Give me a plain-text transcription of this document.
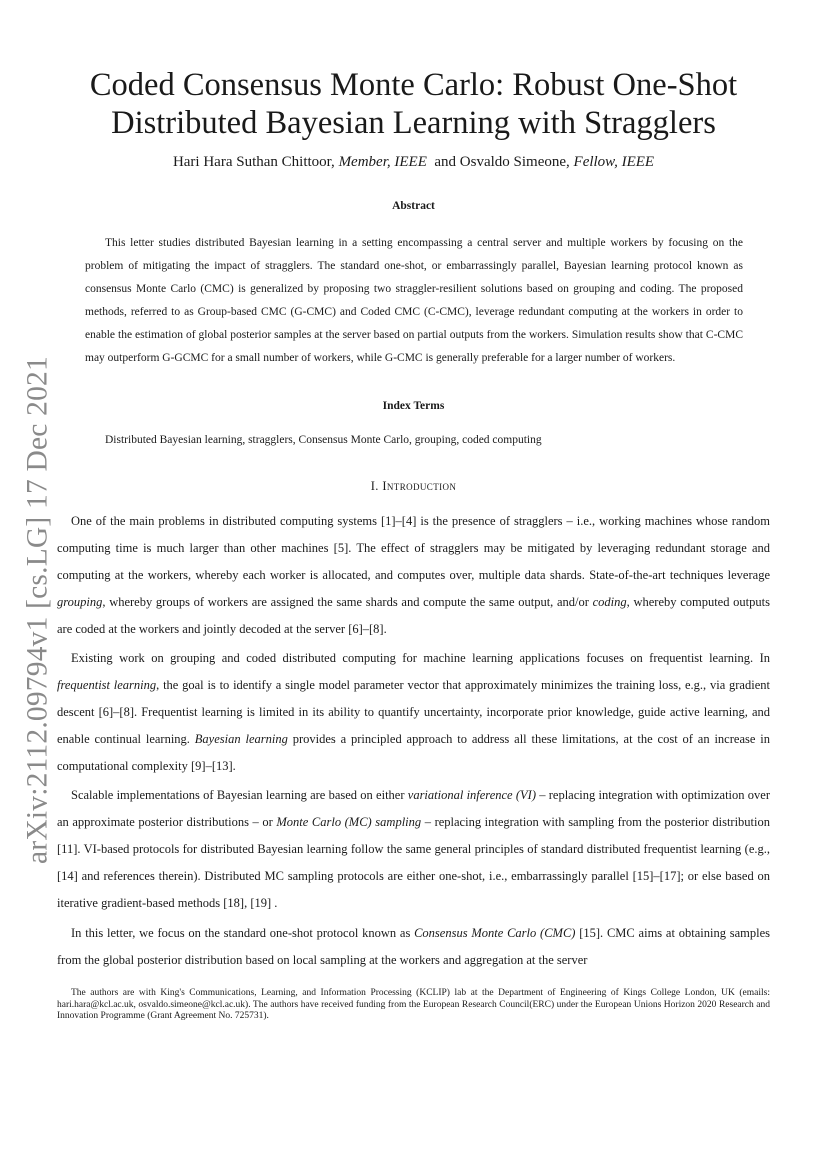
arXiv:2112.09794v1 [cs.LG] 17 Dec 2021
Coded Consensus Monte Carlo: Robust One-Shot
Distributed Bayesian Learning with Stragglers
Hari Hara Suthan Chittoor, Member, IEEE and Osvaldo Simeone, Fellow, IEEE
Abstract

This letter studies distributed Bayesian learning in a setting encompassing a central server and multiple workers by focusing on the problem of mitigating the impact of stragglers. The standard one-shot, or embarrassingly parallel, Bayesian learning protocol known as consensus Monte Carlo (CMC) is generalized by proposing two straggler-resilient solutions based on grouping and coding. The proposed methods, referred to as Group-based CMC (G-CMC) and Coded CMC (C-CMC), leverage redundant computing at the workers in order to enable the estimation of global posterior samples at the server based on partial outputs from the workers. Simulation results show that C-CMC may outperform G-GCMC for a small number of workers, while G-CMC is generally preferable for a larger number of workers.

Index Terms
Distributed Bayesian learning, stragglers, Consensus Monte Carlo, grouping, coded computing
I. Introduction

One of the main problems in distributed computing systems [1]–[4] is the presence of stragglers – i.e., working machines whose random computing time is much larger than other machines [5]. The effect of stragglers may be mitigated by leveraging redundant storage and computing at the workers, whereby each worker is allocated, and computes over, multiple data shards. State-of-the-art techniques leverage grouping, whereby groups of workers are assigned the same shards and compute the same output, and/or coding, whereby computed outputs are coded at the workers and jointly decoded at the server [6]–[8].

Existing work on grouping and coded distributed computing for machine learning applications focuses on frequentist learning. In frequentist learning, the goal is to identify a single model parameter vector that approximately minimizes the training loss, e.g., via gradient descent [6]–[8]. Frequentist learning is limited in its ability to quantify uncertainty, incorporate prior knowledge, guide active learning, and enable continual learning. Bayesian learning provides a principled approach to address all these limitations, at the cost of an increase in computational complexity [9]–[13].

Scalable implementations of Bayesian learning are based on either variational inference (VI) – replacing integration with optimization over an approximate posterior distributions – or Monte Carlo (MC) sampling – replacing integration with sampling from the posterior distribution [11]. VI-based protocols for distributed Bayesian learning follow the same general principles of standard distributed frequentist learning (e.g., [14] and references therein). Distributed MC sampling protocols are either one-shot, i.e., embarrassingly parallel [15]–[17]; or else based on iterative gradient-based methods [18], [19] .

In this letter, we focus on the standard one-shot protocol known as Consensus Monte Carlo (CMC) [15]. CMC aims at obtaining samples from the global posterior distribution based on local sampling at the workers and aggregation at the server

The authors are with King's Communications, Learning, and Information Processing (KCLIP) lab at the Department of Engineering of Kings College London, UK (emails: hari.hara@kcl.ac.uk, osvaldo.simeone@kcl.ac.uk). The authors have received funding from the European Research Council(ERC) under the European Unions Horizon 2020 Research and Innovation Programme (Grant Agreement No. 725731).
